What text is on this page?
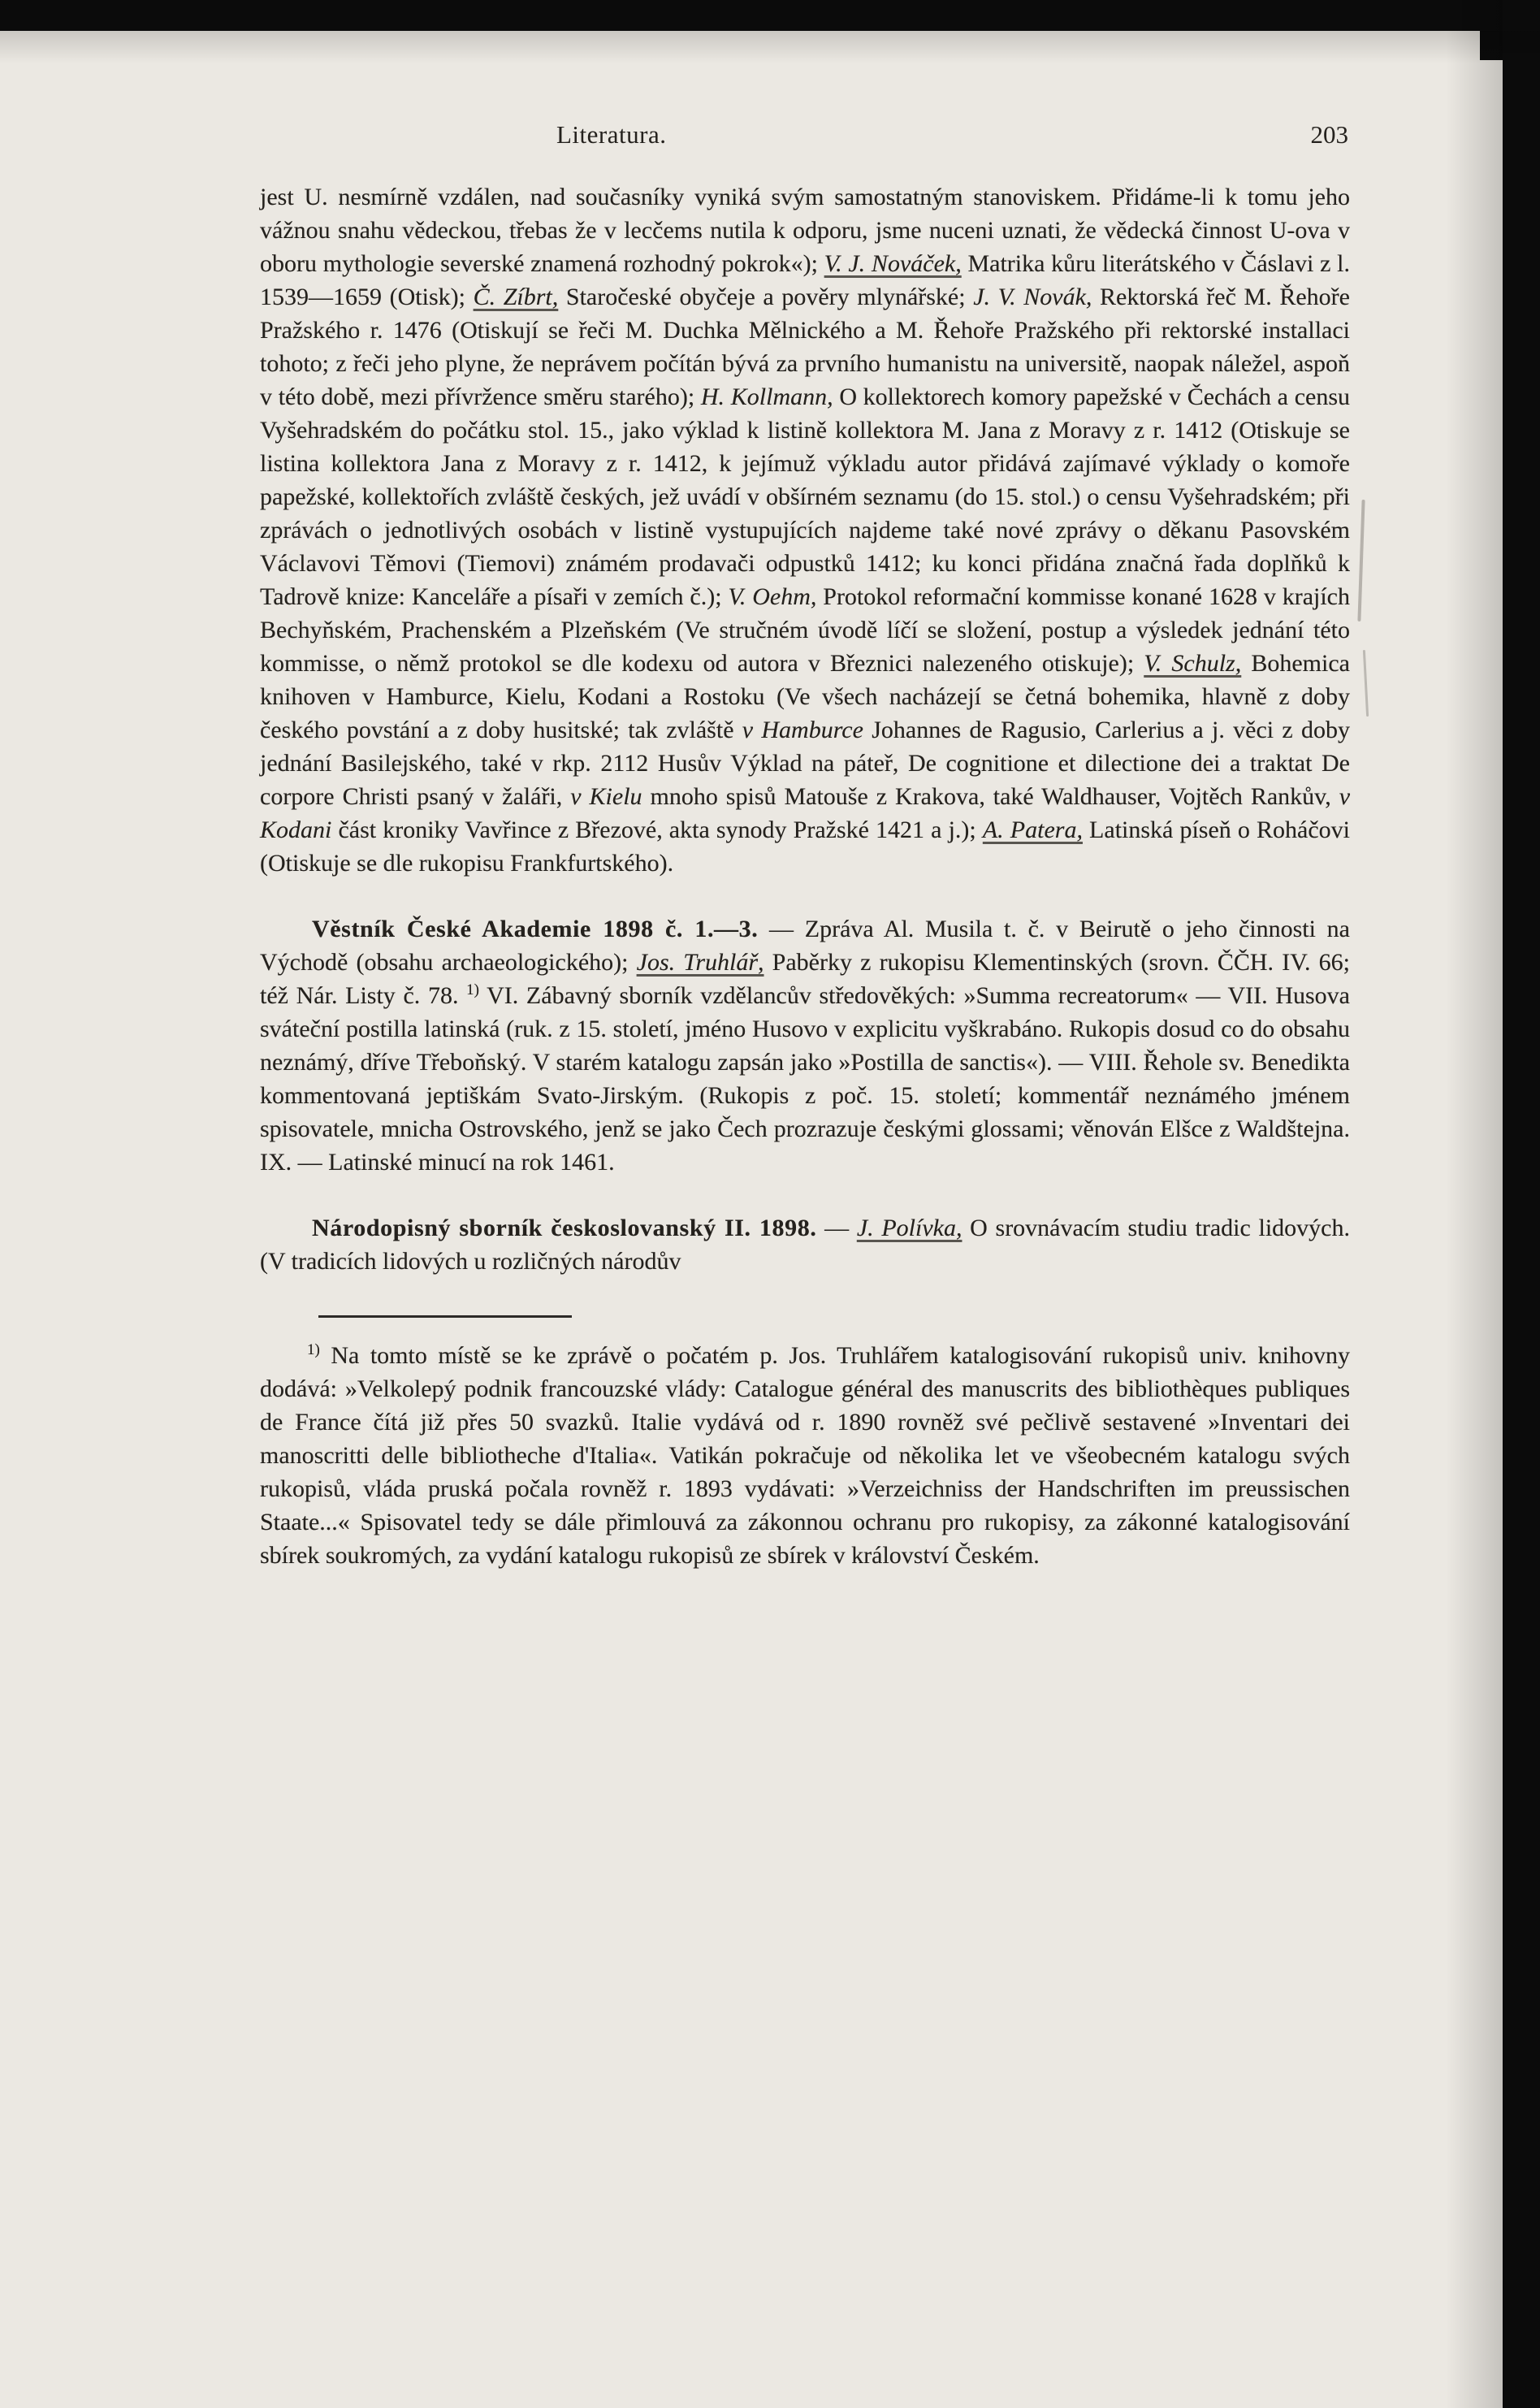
Literatura.	203

jest U. nesmírně vzdálen, nad současníky vyniká svým samostatným stanoviskem. Přidáme-li k tomu jeho vážnou snahu vědeckou, třebas že v lecčems nutila k odporu, jsme nuceni uznati, že vědecká činnost U-ova v oboru mythologie severské znamená rozhodný pokrok«); V. J. Nováček, Matrika kůru literátského v Čáslavi z l. 1539—1659 (Otisk); Č. Zíbrt, Staročeské obyčeje a pověry mlynářské; J. V. Novák, Rektorská řeč M. Řehoře Pražského r. 1476 (Otiskují se řeči M. Duchka Mělnického a M. Řehoře Pražského při rektorské installaci tohoto; z řeči jeho plyne, že neprávem počítán bývá za prvního humanistu na universitě, naopak náležel, aspoň v této době, mezi přívržence směru starého); H. Kollmann, O kollektorech komory papežské v Čechách a censu Vyšehradském do počátku stol. 15., jako výklad k listině kollektora M. Jana z Moravy z r. 1412 (Otiskuje se listina kollektora Jana z Moravy z r. 1412, k jejímuž výkladu autor přidává zajímavé výklady o komoře papežské, kollektořích zvláště českých, jež uvádí v obšírném seznamu (do 15. stol.) o censu Vyšehradském; při zprávách o jednotlivých osobách v listině vystupujících najdeme také nové zprávy o děkanu Pasovském Václavovi Těmovi (Tiemovi) známém prodavači odpustků 1412; ku konci přidána značná řada doplňků k Tadrově knize: Kanceláře a písaři v zemích č.); V. Oehm, Protokol reformační kommisse konané 1628 v krajích Bechyňském, Prachenském a Plzeňském (Ve stručném úvodě líčí se složení, postup a výsledek jednání této kommisse, o němž protokol se dle kodexu od autora v Březnici nalezeného otiskuje); V. Schulz, Bohemica knihoven v Hamburce, Kielu, Kodani a Rostoku (Ve všech nacházejí se četná bohemika, hlavně z doby českého povstání a z doby husitské; tak zvláště v Hamburce Johannes de Ragusio, Carlerius a j. věci z doby jednání Basilejského, také v rkp. 2112 Husův Výklad na páteř, De cognitione et dilectione dei a traktat De corpore Christi psaný v žaláři, v Kielu mnoho spisů Matouše z Krakova, také Waldhauser, Vojtěch Rankův, v Kodani část kroniky Vavřince z Březové, akta synody Pražské 1421 a j.); A. Patera, Latinská píseň o Roháčovi (Otiskuje se dle rukopisu Frankfurtského).

Věstník České Akademie 1898 č. 1.—3. — Zpráva Al. Musila t. č. v Beirutě o jeho činnosti na Východě (obsahu archaeologického); Jos. Truhlář, Paběrky z rukopisu Klementinských (srovn. ČČH. IV. 66; též Nár. Listy č. 78. $^{1)}$ VI. Zábavný sborník vzdělancův středověkých: »Summa recreatorum« — VII. Husova sváteční postilla latinská (ruk. z 15. století, jméno Husovo v explicitu vyškrabáno. Rukopis dosud co do obsahu neznámý, dříve Třeboňský. V starém katalogu zapsán jako »Postilla de sanctis«). — VIII. Řehole sv. Benedikta kommentovaná jeptiškám Svato-Jirským. (Rukopis z poč. 15. století; kommentář neznámého jménem spisovatele, mnicha Ostrovského, jenž se jako Čech prozrazuje českými glossami; věnován Elšce z Waldštejna. IX. — Latinské minucí na rok 1461.

Národopisný sborník českoslovanský II. 1898. — J. Polívka, O srovnávacím studiu tradic lidových. (V tradicích lidových u rozličných národův

$^{1)}$ Na tomto místě se ke zprávě o počatém p. Jos. Truhlářem katalogisování rukopisů univ. knihovny dodává: »Velkolepý podnik francouzské vlády: Catalogue général des manuscrits des bibliothèques publiques de France čítá již přes 50 svazků. Italie vydává od r. 1890 rovněž své pečlivě sestavené »Inventari dei manoscritti delle bibliotheche d'Italia«. Vatikán pokračuje od několika let ve všeobecném katalogu svých rukopisů, vláda pruská počala rovněž r. 1893 vydávati: »Verzeichniss der Handschriften im preussischen Staate...« Spisovatel tedy se dále přimlouvá za zákonnou ochranu pro rukopisy, za zákonné katalogisování sbírek soukromých, za vydání katalogu rukopisů ze sbírek v království Českém.
